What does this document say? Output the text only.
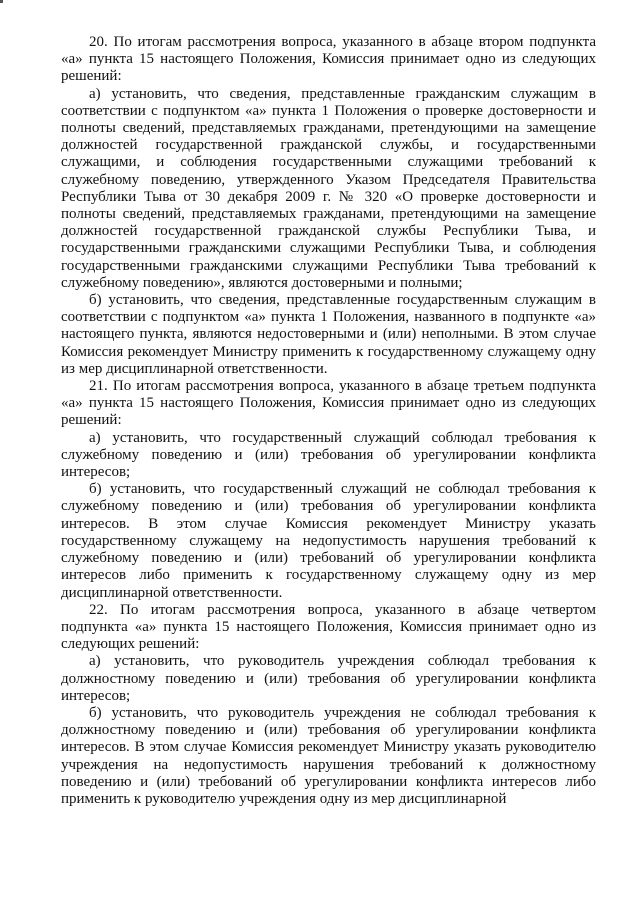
20. По итогам рассмотрения вопроса, указанного в абзаце втором подпункта «а» пункта 15 настоящего Положения, Комиссия принимает одно из следующих решений:

а) установить, что сведения, представленные гражданским служащим в соответствии с подпунктом «а» пункта 1 Положения о проверке достоверности и полноты сведений, представляемых гражданами, претендующими на замещение должностей государственной гражданской службы, и государственными служащими, и соблюдения государственными служащими требований к служебному поведению, утвержденного Указом Председателя Правительства Республики Тыва от 30 декабря 2009 г. № 320 «О проверке достоверности и полноты сведений, представляемых гражданами, претендующими на замещение должностей государственной гражданской службы Республики Тыва, и государственными гражданскими служащими Республики Тыва, и соблюдения государственными гражданскими служащими Республики Тыва требований к служебному поведению», являются достоверными и полными;

б) установить, что сведения, представленные государственным служащим в соответствии с подпунктом «а» пункта 1 Положения, названного в подпункте «а» настоящего пункта, являются недостоверными и (или) неполными. В этом случае Комиссия рекомендует Министру применить к государственному служащему одну из мер дисциплинарной ответственности.

21. По итогам рассмотрения вопроса, указанного в абзаце третьем подпункта «а» пункта 15 настоящего Положения, Комиссия принимает одно из следующих решений:

а) установить, что государственный служащий соблюдал требования к служебному поведению и (или) требования об урегулировании конфликта интересов;

б) установить, что государственный служащий не соблюдал требования к служебному поведению и (или) требования об урегулировании конфликта интересов. В этом случае Комиссия рекомендует Министру указать государственному служащему на недопустимость нарушения требований к служебному поведению и (или) требований об урегулировании конфликта интересов либо применить к государственному служащему одну из мер дисциплинарной ответственности.

22. По итогам рассмотрения вопроса, указанного в абзаце четвертом подпункта «а» пункта 15 настоящего Положения, Комиссия принимает одно из следующих решений:

а) установить, что руководитель учреждения соблюдал требования к должностному поведению и (или) требования об урегулировании конфликта интересов;

б) установить, что руководитель учреждения не соблюдал требования к должностному поведению и (или) требования об урегулировании конфликта интересов. В этом случае Комиссия рекомендует Министру указать руководителю учреждения на недопустимость нарушения требований к должностному поведению и (или) требований об урегулировании конфликта интересов либо применить к руководителю учреждения одну из мер дисциплинарной
